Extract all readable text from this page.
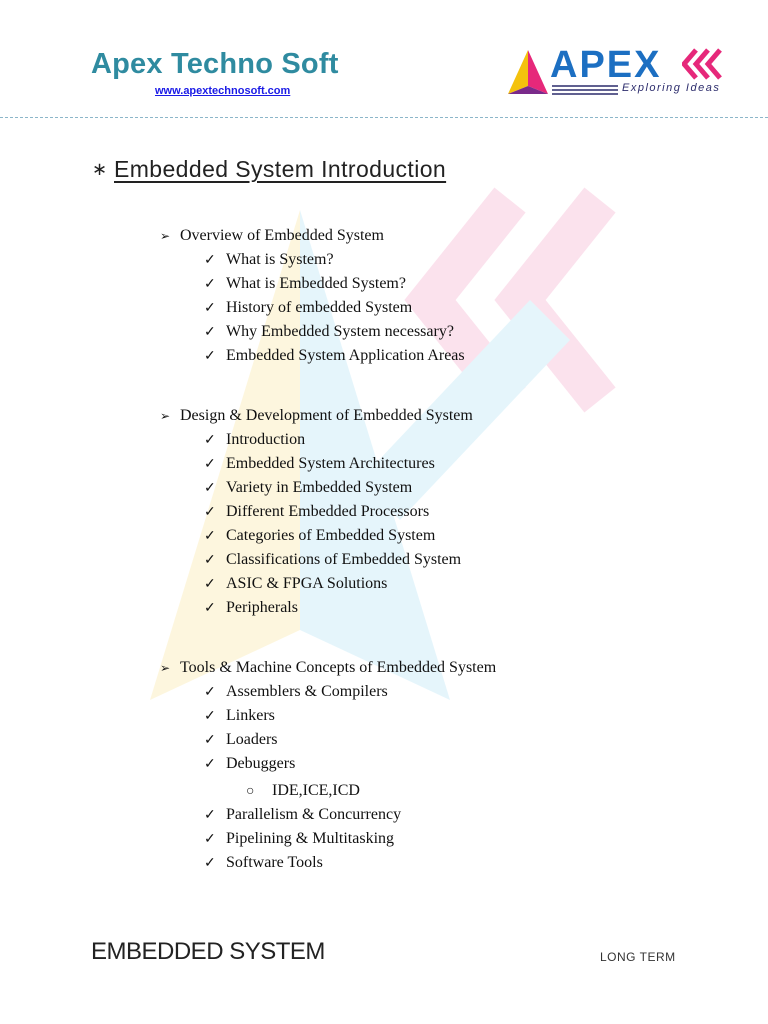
Apex Techno Soft
www.apextechnosoft.com
APEX
Exploring Ideas
∗ Embedded System Introduction
➢ Overview of Embedded System
✓ What is System?
✓ What is Embedded System?
✓ History of embedded System
✓ Why Embedded System necessary?
✓ Embedded System Application Areas
➢ Design & Development of Embedded System
✓ Introduction
✓ Embedded System Architectures
✓ Variety in Embedded System
✓ Different Embedded Processors
✓ Categories of Embedded System
✓ Classifications of Embedded System
✓ ASIC & FPGA Solutions
✓ Peripherals
➢ Tools & Machine Concepts of Embedded System
✓ Assemblers & Compilers
✓ Linkers
✓ Loaders
✓ Debuggers
○ IDE,ICE,ICD
✓ Parallelism & Concurrency
✓ Pipelining & Multitasking
✓ Software Tools
EMBEDDED SYSTEM	LONG TERM
